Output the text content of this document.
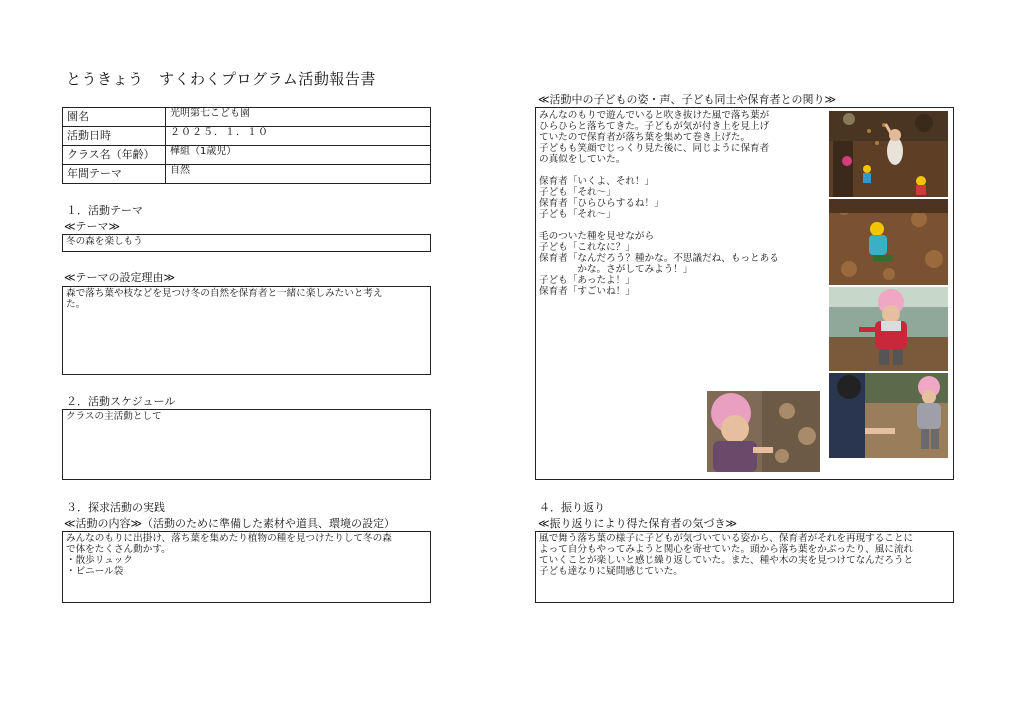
とうきょう　すくわくプログラム活動報告書
園名	光明第七こども園
活動日時	２０２５．１．１０
クラス名（年齢）	樺組（1歳児）
年間テーマ	自然
１．活動テーマ
≪テーマ≫
冬の森を楽しもう
≪テーマの設定理由≫
森で落ち葉や枝などを見つけ冬の自然を保育者と一緒に楽しみたいと考え
た。
２．活動スケジュール
クラスの主活動として
３．探求活動の実践
≪活動の内容≫（活動のために準備した素材や道具、環境の設定）
みんなのもりに出掛け、落ち葉を集めたり植物の種を見つけたりして冬の森
で体をたくさん動かす。
・散歩リュック
・ビニール袋
≪活動中の子どもの姿・声、子ども同士や保育者との関り≫
みんなのもりで遊んでいると吹き抜けた風で落ち葉が
ひらひらと落ちてきた。子どもが気が付き上を見上げ
ていたので保育者が落ち葉を集めて巻き上げた。
子どもも笑顔でじっくり見た後に、同じように保育者
の真似をしていた。

保育者「いくよ、それ！」
子ども「それ～」
保育者「ひらひらするね！」
子ども「それ～」

毛のついた種を見せながら
子ども「これなに？」
保育者「なんだろう？種かな。不思議だね、もっとある
　　　　かな。さがしてみよう！」
子ども「あったよ！」
保育者「すごいね！」
４．振り返り
≪振り返りにより得た保育者の気づき≫
風で舞う落ち葉の様子に子どもが気づいている姿から、保育者がそれを再現することに
よって自分もやってみようと関心を寄せていた。頭から落ち葉をかぶったり、風に流れ
ていくことが楽しいと感じ繰り返していた。また、種や木の実を見つけてなんだろうと
子ども達なりに疑問感じていた。
